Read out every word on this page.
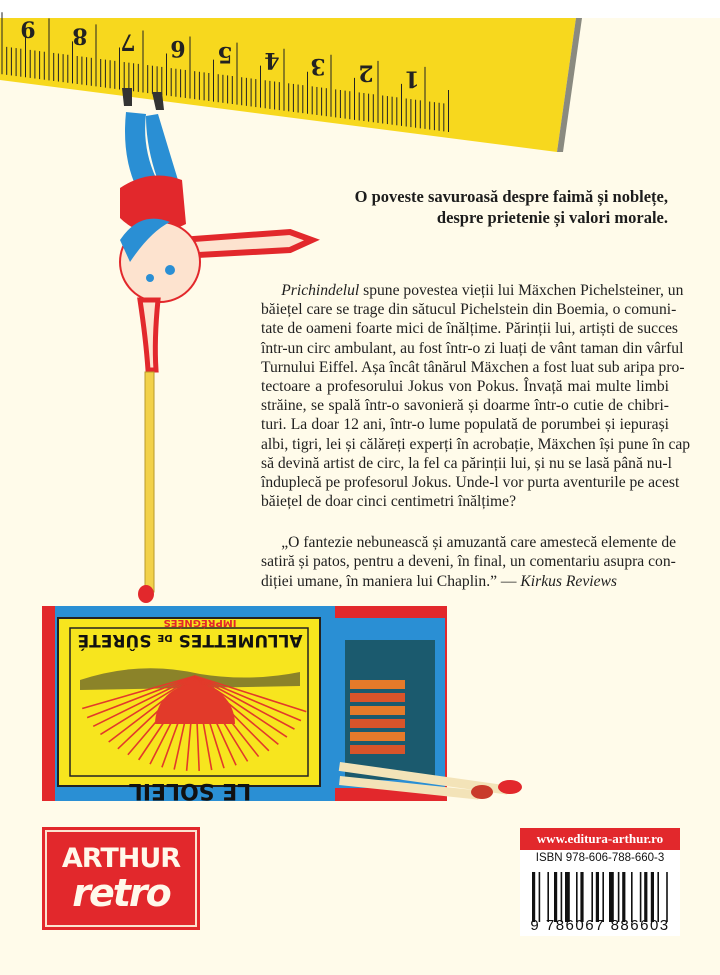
9 8 7 6 5 4 3 2 1
LE SOLEIL
ALLUMETTES DE SÛRETÉ
IMPRÉGNÉES
O poveste savuroasă despre faimă și noblețe,
despre prietenie și valori morale.
Prichindelul spune povestea vieții lui Mäxchen Pichelsteiner, un
băiețel care se trage din sătucul Pichelstein din Boemia, o comuni-
tate de oameni foarte mici de înălțime. Părinții lui, artiști de succes
într-un circ ambulant, au fost într-o zi luați de vânt taman din vârful
Turnului Eiffel. Așa încât tânărul Mäxchen a fost luat sub aripa pro-
tectoare a profesorului Jokus von Pokus. Învață mai multe limbi
străine, se spală într-o savonieră și doarme într-o cutie de chibri-
turi. La doar 12 ani, într-o lume populată de porumbei și iepurași
albi, tigri, lei și călăreți experți în acrobație, Mäxchen își pune în cap
să devină artist de circ, la fel ca părinții lui, și nu se lasă până nu-l
înduplecă pe profesorul Jokus. Unde-l vor purta aventurile pe acest
băiețel de doar cinci centimetri înălțime?
„O fantezie nebunească și amuzantă care amestecă elemente de
satiră și patos, pentru a deveni, în final, un comentariu asupra con-
diției umane, în maniera lui Chaplin.” — Kirkus Reviews
ARTHUR
retro
www.editura-arthur.ro
ISBN 978-606-788-660-3
9 786067 886603
